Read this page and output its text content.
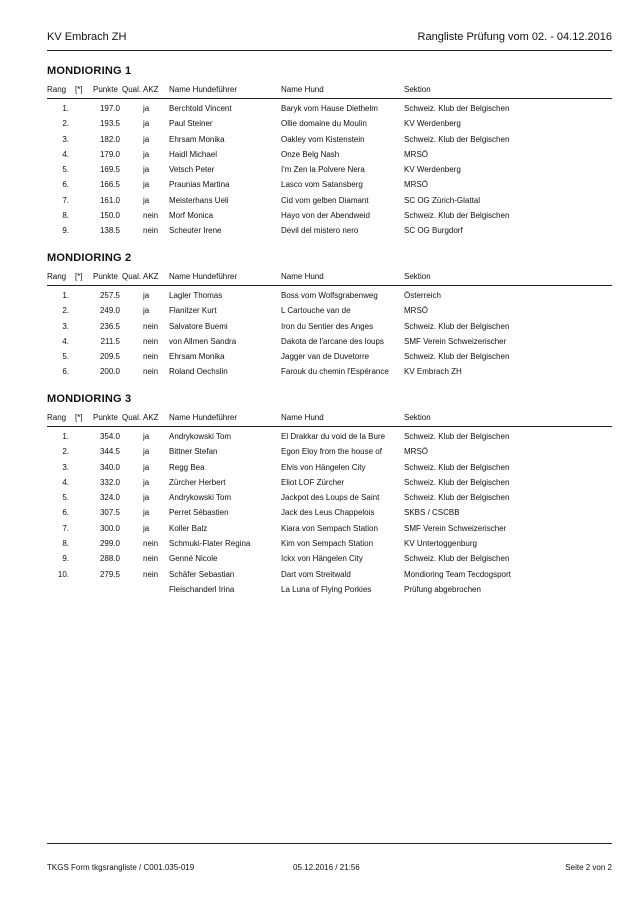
KV Embrach ZH	Rangliste Prüfung vom 02. - 04.12.2016
MONDIORING 1
Rang	[*]	Punkte Qual. AKZ	Name Hundeführer	Name Hund	Sektion
1.	197.0	ja	Berchtold Vincent	Baryk vom Hause Diethelm	Schweiz. Klub der Belgischen
2.	193.5	ja	Paul Steiner	Ollie domaine du Moulin	KV Werdenberg
3.	182.0	ja	Ehrsam Monika	Oakley vom Kistenstein	Schweiz. Klub der Belgischen
4.	179.0	ja	Haidl Michael	Onze Belg Nash	MRSÖ
5.	169.5	ja	Vetsch Peter	I'm Zen la Polvere Nera	KV Werdenberg
6.	166.5	ja	Praunias Martina	Lasco vom Satansberg	MRSÖ
7.	161.0	ja	Meisterhans Ueli	Cid vom gelben Diamant	SC OG Zürich-Glattal
8.	150.0	nein	Morf Monica	Hayo von der Abendweid	Schweiz. Klub der Belgischen
9.	138.5	nein	Scheuter Irene	Devil del mistero nero	SC OG Burgdorf
MONDIORING 2
Rang	[*]	Punkte Qual. AKZ	Name Hundeführer	Name Hund	Sektion
1.	257.5	ja	Lagler Thomas	Boss vom Wolfsgrabenweg	Österreich
2.	249.0	ja	Flanitzer Kurt	L Cartouche van de	MRSÖ
3.	236.5	nein	Salvatore Buemi	Iron du Sentier des Anges	Schweiz. Klub der Belgischen
4.	211.5	nein	von Allmen Sandra	Dakota de l'arcane des loups	SMF Verein Schweizerischer
5.	209.5	nein	Ehrsam Monika	Jagger van de Duvetorre	Schweiz. Klub der Belgischen
6.	200.0	nein	Roland Oechslin	Farouk du chemin l'Espérance	KV Embrach ZH
MONDIORING 3
Rang	[*]	Punkte Qual. AKZ	Name Hundeführer	Name Hund	Sektion
1.	354.0	ja	Andrykowski Tom	El Drakkar du void de la Bure	Schweiz. Klub der Belgischen
2.	344.5	ja	Bittner Stefan	Egon Eloy from the house of	MRSÖ
3.	340.0	ja	Regg Bea	Elvis von Hängelen City	Schweiz. Klub der Belgischen
4.	332.0	ja	Zürcher Herbert	Eliot LOF Zürcher	Schweiz. Klub der Belgischen
5.	324.0	ja	Andrykowski Tom	Jackpot des Loups de Saint	Schweiz. Klub der Belgischen
6.	307.5	ja	Perret Sébastien	Jack des Leus Chappelois	SKBS / CSCBB
7.	300.0	ja	Koller Balz	Kiara von Sempach Station	SMF Verein Schweizerischer
8.	299.0	nein	Schmuki-Flater Regina	Kim von Sempach Station	KV Untertoggenburg
9.	288.0	nein	Genné Nicole	Ickx von Hängelen City	Schweiz. Klub der Belgischen
10.	279.5	nein	Schäfer Sebastian	Dart vom Streitwald	Mondioring Team Tecdogsport
Fleischanderl Irina	La Luna of Flying Porkies	Prüfung abgebrochen
TKGS Form tkgsrangliste / C001.035-019	05.12.2016 / 21:56	Seite 2 von 2
